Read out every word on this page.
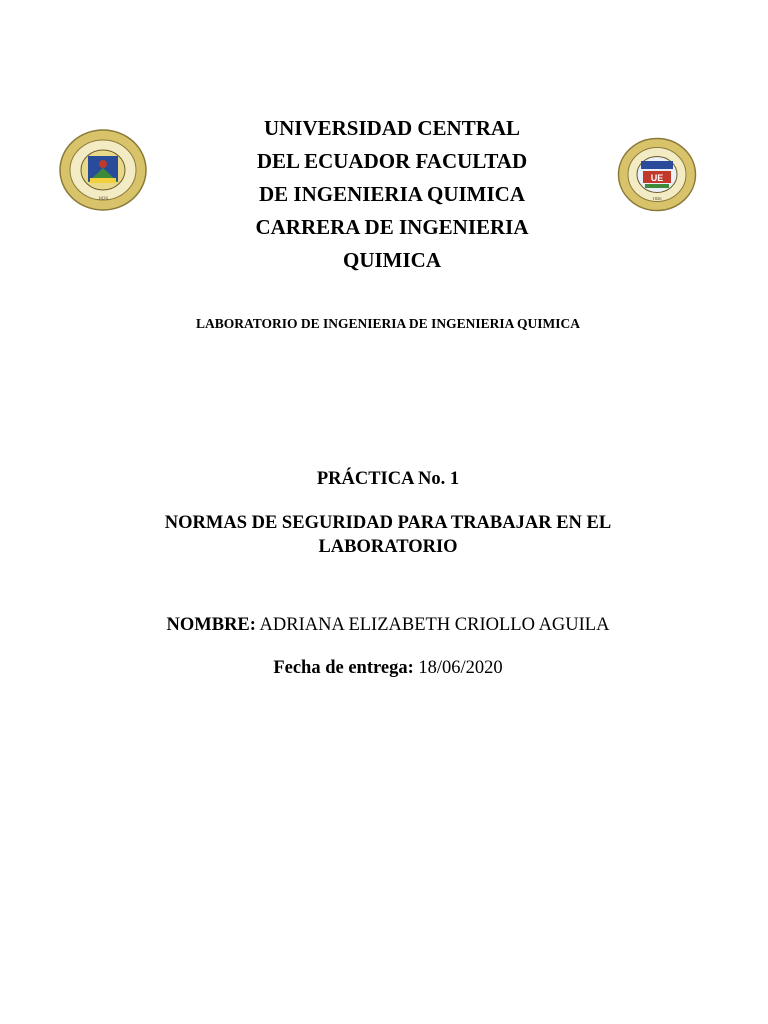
1826
UE
1826
UNIVERSIDAD CENTRAL
DEL ECUADOR FACULTAD
DE INGENIERIA QUIMICA
CARRERA DE INGENIERIA
QUIMICA

LABORATORIO DE INGENIERIA DE INGENIERIA QUIMICA

PRÁCTICA No. 1
NORMAS DE SEGURIDAD PARA TRABAJAR EN EL
LABORATORIO

NOMBRE: ADRIANA ELIZABETH CRIOLLO AGUILA

Fecha de entrega: 18/06/2020
